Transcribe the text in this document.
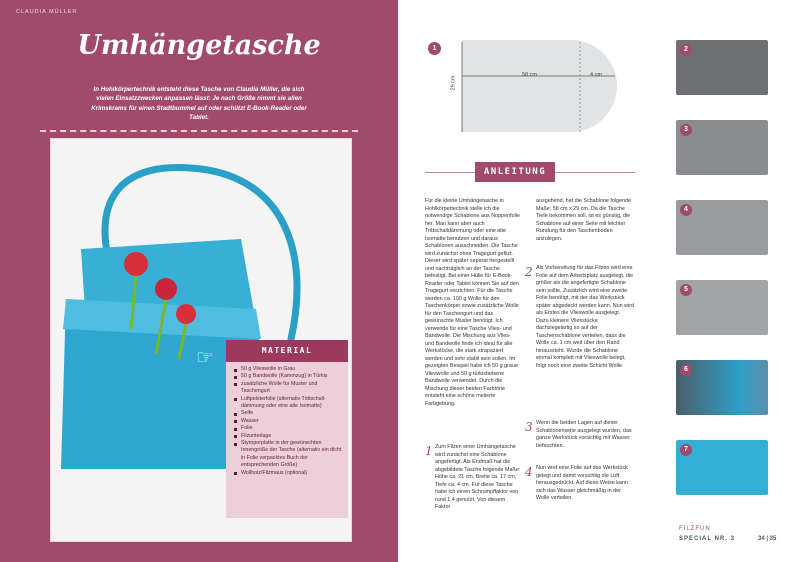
CLAUDIA MÜLLER
Umhängetasche
In Hohlkörpertechnik entsteht diese Tasche von Claudia Müller, die sich vielen Einsatzzwecken anpassen lässt: Je nach Größe nimmt sie allen Krimskrams für einen Stadtbummel auf oder schützt E-Book-Reader oder Tablet.
☞	MATERIAL
50 g Vlieswolle in Grau
50 g Bandwolle (Kammzug) in Türkis
zusätzliche Wolle für Muster und Taschengurt
Luftpolsterfolie (alternativ Trittschall-dämmung oder eine alte Isomatte)
Seife
Wasser
Folie
Filzunterlage
Styroporplatte in der gewünschten Innengröße der Tasche (alternativ ein dicht in Folie verpacktes Buch der entsprechenden Größe)
Wollholz/Filzmaus (optional)
1
29 cm
58 cm	4 cm
ANLEITUNG
Für die kleine Umhängetasche in Hohlkörpertechnik stelle ich die notwendige Schablone aus Noppenfolie her. Man kann aber auch Trittschalldämmung oder eine alte Isomatte benutzen und daraus Schablonen ausschneiden. Die Tasche wird zunächst ohne Tragegurt gefilzt. Dieser wird später separat hergestellt und nachträglich an der Tasche befestigt. Bei einer Hülle für E-Book-Reader oder Tablet können Sie auf den Tragegurt verzichten. Für die Tasche werden ca. 100 g Wolle für den Taschenkörper sowie zusätzliche Wolle für den Taschengurt und das gewünschte Muster benötigt. Ich verwende für eine Tasche Vlies- und Bandwolle. Die Mischung aus Vlies- und Bandwolle finde ich ideal für alle Werkstücke, die stark strapaziert werden und sehr stabil sein sollen. Im gezeigten Beispiel habe ich 50 g graue Vlieswolle und 50 g türkisfarbene Bandwolle verwendet. Durch die Mischung dieser beiden Farbtöne entsteht eine schöne melierte Farbgebung.
1 Zum Filzen einer Umhängetasche wird zunächst eine Schablone angefertigt. Als Endmaß hat die abgebildete Tasche folgende Maße: Höhe ca. 21 cm, Breite ca. 17 cm, Tiefe ca. 4 cm. Für diese Tasche habe ich einen Schrumpffaktor von rund 1,4 genutzt. Von diesem Faktor
ausgehend, hat die Schablone folgende Maße: 58 cm x 29 cm. Da die Tasche Tiefe bekommen soll, ist es günstig, die Schablone auf einer Seite mit leichter Rundung für den Taschenboden anzulegen.
2 Als Vorbereitung für das Filzen wird eine Folie auf dem Arbeitsplatz ausgelegt, die größer als die angefertigte Schablone sein sollte. Zusätzlich wird eine zweite Folie benötigt, mit der das Werkstück später abgedeckt werden kann. Nun wird als Erstes die Vlieswolle ausgelegt. Dazu kleinere Vliesstücke dachziegelartig so auf der Taschenschablone verteilen, dass die Wolle ca. 1 cm weit über den Rand hinaussteht. Wurde die Schablone einmal komplett mit Vlieswolle belegt, folgt noch eine zweite Schicht Wolle.
3 Wenn die beiden Lagen auf dieser Schablonenseite ausgelegt wurden, das ganze Werkstück vorsichtig mit Wasser befeuchten.
4 Nun wird eine Folie auf das Werkstück gelegt und damit vorsichtig die Luft herausgedrückt. Auf diese Weise kann sich das Wasser gleichmäßig in der Wolle verteilen.
2
3
4
5
6
7
FILZFUN
SPECIAL NR. 3	34 | 35
